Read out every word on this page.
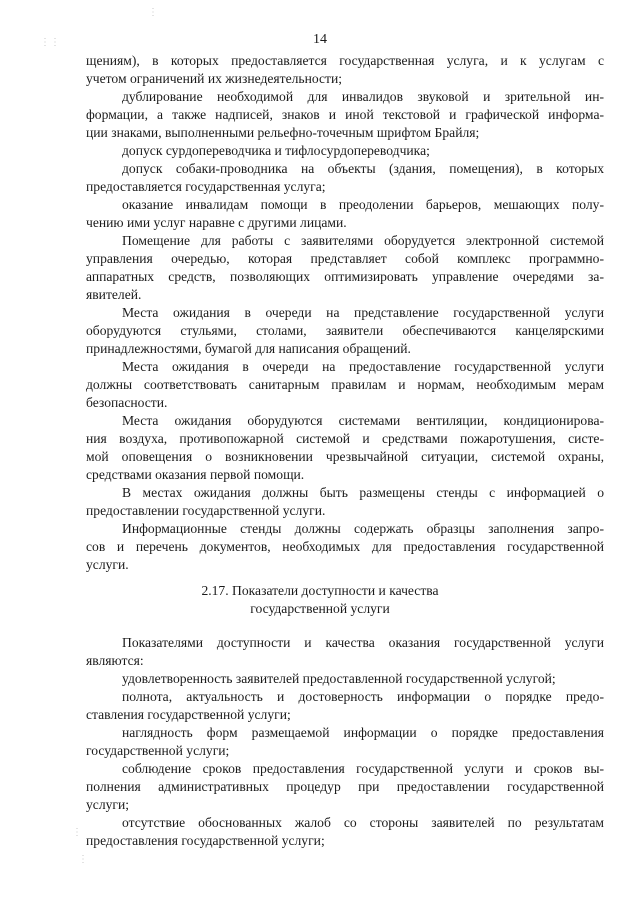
14
⋮⋮
⋮
⋮
⋮
щениям), в которых предоставляется государственная услуга, и к услугам с
учетом ограничений их жизнедеятельности;
дублирование необходимой для инвалидов звуковой и зрительной ин-
формации, а также надписей, знаков и иной текстовой и графической информа-
ции знаками, выполненными рельефно-точечным шрифтом Брайля;
допуск сурдопереводчика и тифлосурдопереводчика;
допуск собаки-проводника на объекты (здания, помещения), в которых
предоставляется государственная услуга;
оказание инвалидам помощи в преодолении барьеров, мешающих полу-
чению ими услуг наравне с другими лицами.
Помещение для работы с заявителями оборудуется электронной системой
управления очередью, которая представляет собой комплекс программно-
аппаратных средств, позволяющих оптимизировать управление очередями за-
явителей.
Места ожидания в очереди на представление государственной услуги
оборудуются стульями, столами, заявители обеспечиваются канцелярскими
принадлежностями, бумагой для написания обращений.
Места ожидания в очереди на предоставление государственной услуги
должны соответствовать санитарным правилам и нормам, необходимым мерам
безопасности.
Места ожидания оборудуются системами вентиляции, кондиционирова-
ния воздуха, противопожарной системой и средствами пожаротушения, систе-
мой оповещения о возникновении чрезвычайной ситуации, системой охраны,
средствами оказания первой помощи.
В местах ожидания должны быть размещены стенды с информацией о
предоставлении государственной услуги.
Информационные стенды должны содержать образцы заполнения запро-
сов и перечень документов, необходимых для предоставления государственной
услуги.
2.17. Показатели доступности и качества
государственной услуги
Показателями доступности и качества оказания государственной услуги
являются:
удовлетворенность заявителей предоставленной государственной услугой;
полнота, актуальность и достоверность информации о порядке предо-
ставления государственной услуги;
наглядность форм размещаемой информации о порядке предоставления
государственной услуги;
соблюдение сроков предоставления государственной услуги и сроков вы-
полнения административных процедур при предоставлении государственной
услуги;
отсутствие обоснованных жалоб со стороны заявителей по результатам
предоставления государственной услуги;
